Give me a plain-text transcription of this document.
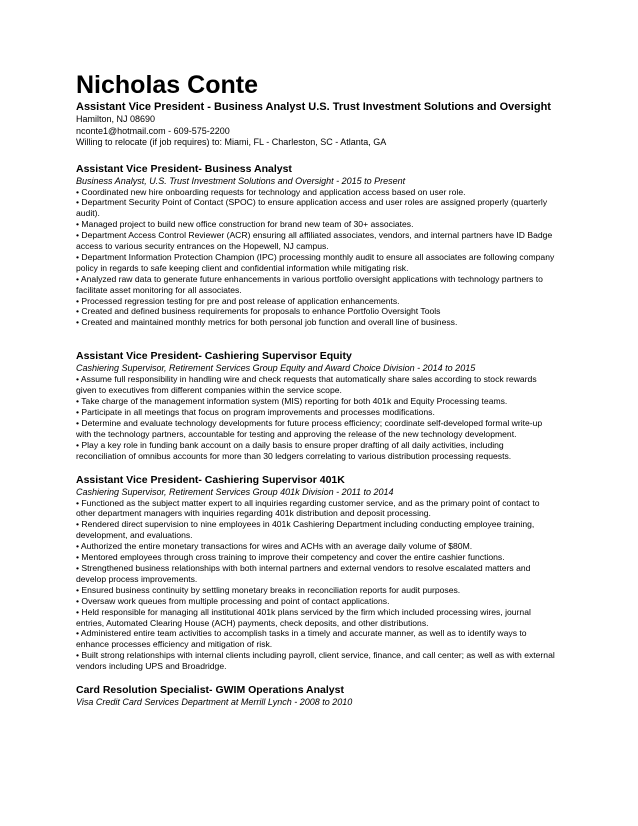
Nicholas Conte
Assistant Vice President - Business Analyst U.S. Trust Investment Solutions and Oversight
Hamilton, NJ 08690
nconte1@hotmail.com - 609-575-2200
Willing to relocate (if job requires) to: Miami, FL - Charleston, SC - Atlanta, GA
Assistant Vice President- Business Analyst
Business Analyst, U.S. Trust Investment Solutions and Oversight - 2015 to Present
• Coordinated new hire onboarding requests for technology and application access based on user role.
• Department Security Point of Contact (SPOC) to ensure application access and user roles are assigned properly (quarterly audit).
• Managed project to build new office construction for brand new team of 30+ associates.
• Department Access Control Reviewer (ACR) ensuring all affiliated associates, vendors, and internal partners have ID Badge access to various security entrances on the Hopewell, NJ campus.
• Department Information Protection Champion (IPC) processing monthly audit to ensure all associates are following company policy in regards to safe keeping client and confidential information while mitigating risk.
• Analyzed raw data to generate future enhancements in various portfolio oversight applications with technology partners to facilitate asset monitoring for all associates.
• Processed regression testing for pre and post release of application enhancements.
• Created and defined business requirements for proposals to enhance Portfolio Oversight Tools
• Created and maintained monthly metrics for both personal job function and overall line of business.
Assistant Vice President- Cashiering Supervisor Equity
Cashiering Supervisor, Retirement Services Group Equity and Award Choice Division - 2014 to 2015
• Assume full responsibility in handling wire and check requests that automatically share sales according to stock rewards given to executives from different companies within the service scope.
• Take charge of the management information system (MIS) reporting for both 401k and Equity Processing teams.
• Participate in all meetings that focus on program improvements and processes modifications.
• Determine and evaluate technology developments for future process efficiency; coordinate self-developed formal write-up with the technology partners, accountable for testing and approving the release of the new technology development.
• Play a key role in funding bank account on a daily basis to ensure proper drafting of all daily activities, including reconciliation of omnibus accounts for more than 30 ledgers correlating to various distribution processing requests.
Assistant Vice President- Cashiering Supervisor 401K
Cashiering Supervisor, Retirement Services Group 401k Division - 2011 to 2014
• Functioned as the subject matter expert to all inquiries regarding customer service, and as the primary point of contact to other department managers with inquiries regarding 401k distribution and deposit processing.
• Rendered direct supervision to nine employees in 401k Cashiering Department including conducting employee training, development, and evaluations.
• Authorized the entire monetary transactions for wires and ACHs with an average daily volume of $80M.
• Mentored employees through cross training to improve their competency and cover the entire cashier functions.
• Strengthened business relationships with both internal partners and external vendors to resolve escalated matters and develop process improvements.
• Ensured business continuity by settling monetary breaks in reconciliation reports for audit purposes.
• Oversaw work queues from multiple processing and point of contact applications.
• Held responsible for managing all institutional 401k plans serviced by the firm which included processing wires, journal entries, Automated Clearing House (ACH) payments, check deposits, and other distributions.
• Administered entire team activities to accomplish tasks in a timely and accurate manner, as well as to identify ways to enhance processes efficiency and mitigation of risk.
• Built strong relationships with internal clients including payroll, client service, finance, and call center; as well as with external vendors including UPS and Broadridge.
Card Resolution Specialist- GWIM Operations Analyst
Visa Credit Card Services Department at Merrill Lynch - 2008 to 2010
